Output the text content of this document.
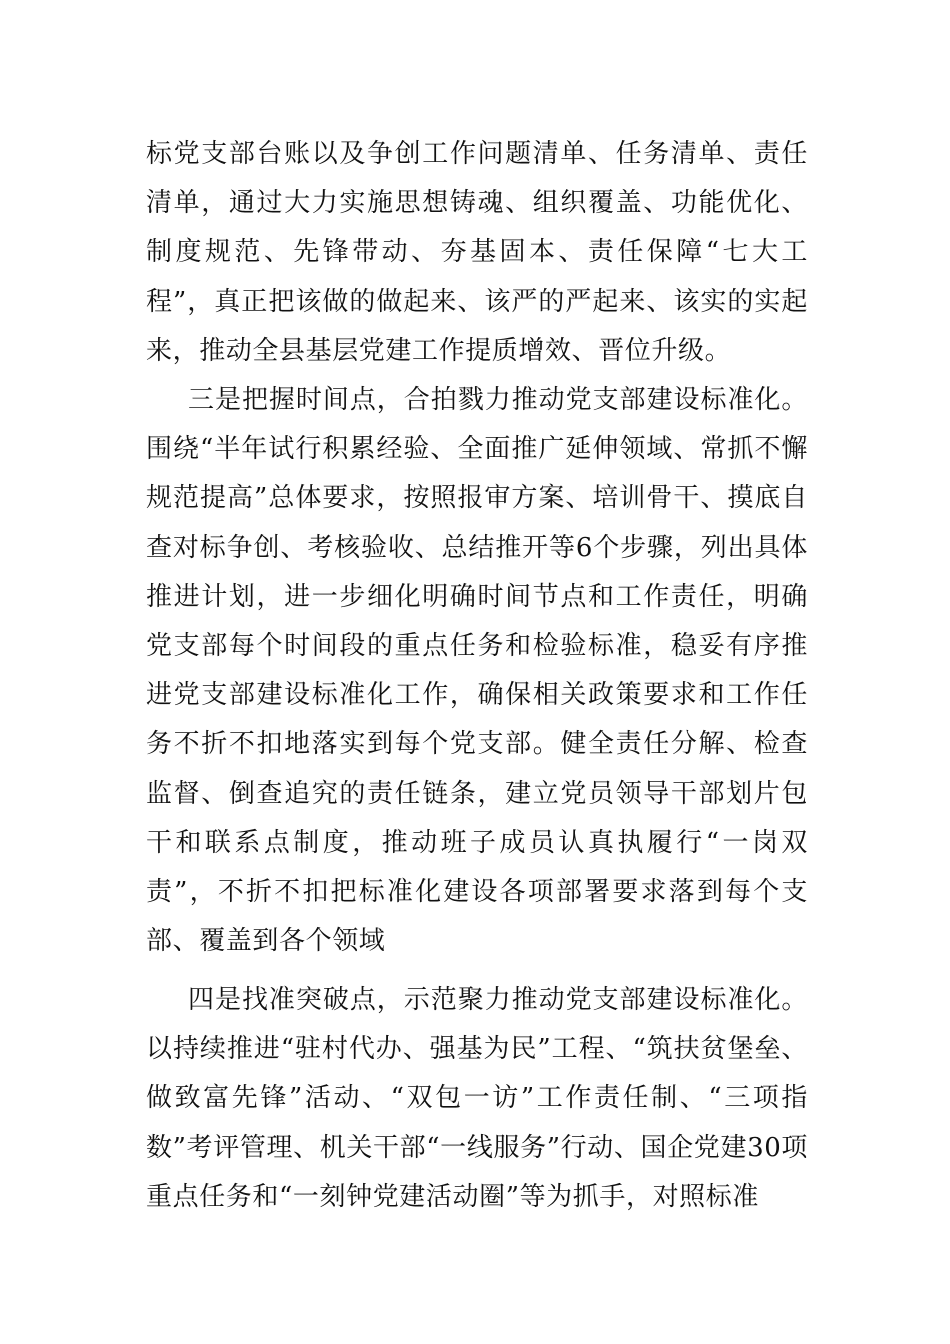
标党支部台账以及争创工作问题清单、任务清单、责任清单，通过大力实施思想铸魂、组织覆盖、功能优化、制度规范、先锋带动、夯基固本、责任保障“七大工程”，真正把该做的做起来、该严的严起来、该实的实起来，推动全县基层党建工作提质增效、晋位升级。

三是把握时间点，合拍戮力推动党支部建设标准化。围绕“半年试行积累经验、全面推广延伸领域、常抓不懈规范提高”总体要求，按照报审方案、培训骨干、摸底自查对标争创、考核验收、总结推开等6个步骤，列出具体推进计划，进一步细化明确时间节点和工作责任，明确党支部每个时间段的重点任务和检验标准，稳妥有序推进党支部建设标准化工作，确保相关政策要求和工作任务不折不扣地落实到每个党支部。健全责任分解、检查监督、倒查追究的责任链条，建立党员领导干部划片包干和联系点制度，推动班子成员认真执履行“一岗双责”，不折不扣把标准化建设各项部署要求落到每个支部、覆盖到各个领域

四是找准突破点，示范聚力推动党支部建设标准化。以持续推进“驻村代办、强基为民”工程、“筑扶贫堡垒、做致富先锋”活动、“双包一访”工作责任制、“三项指数”考评管理、机关干部“一线服务”行动、国企党建30项重点任务和“一刻钟党建活动圈”等为抓手，对照标准
